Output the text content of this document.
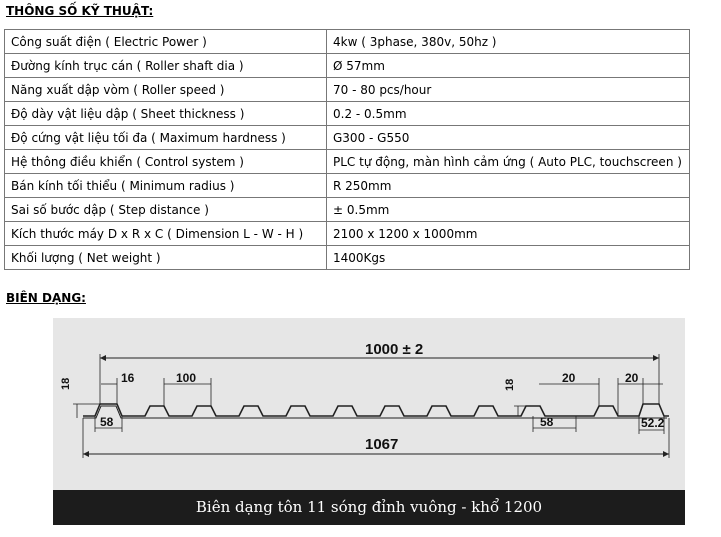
THÔNG SỐ KỸ THUẬT:
Công suất điện ( Electric Power )	4kw ( 3phase, 380v, 50hz )
Đường kính trục cán ( Roller shaft dia )	Ø 57mm
Năng xuất dập vòm ( Roller speed )	70 - 80 pcs/hour
Độ dày vật liệu dập ( Sheet thickness )	0.2 - 0.5mm
Độ cứng vật liệu tối đa ( Maximum hardness )	G300 - G550
Hệ thông điều khiển ( Control system )	PLC tự động, màn hình cảm ứng ( Auto PLC, touchscreen )
Bán kính tối thiểu ( Minimum radius )	R 250mm
Sai số bước dập ( Step distance )	± 0.5mm
Kích thước máy D x R x C ( Dimension L - W - H )	2100 x 1200 x 1000mm
Khối lượng ( Net weight )	1400Kgs
BIÊN DẠNG:
1000 ± 2
1067
16	100
18
58
18	20	20
58	52.2
Biên dạng tôn 11 sóng đỉnh vuông - khổ 1200
